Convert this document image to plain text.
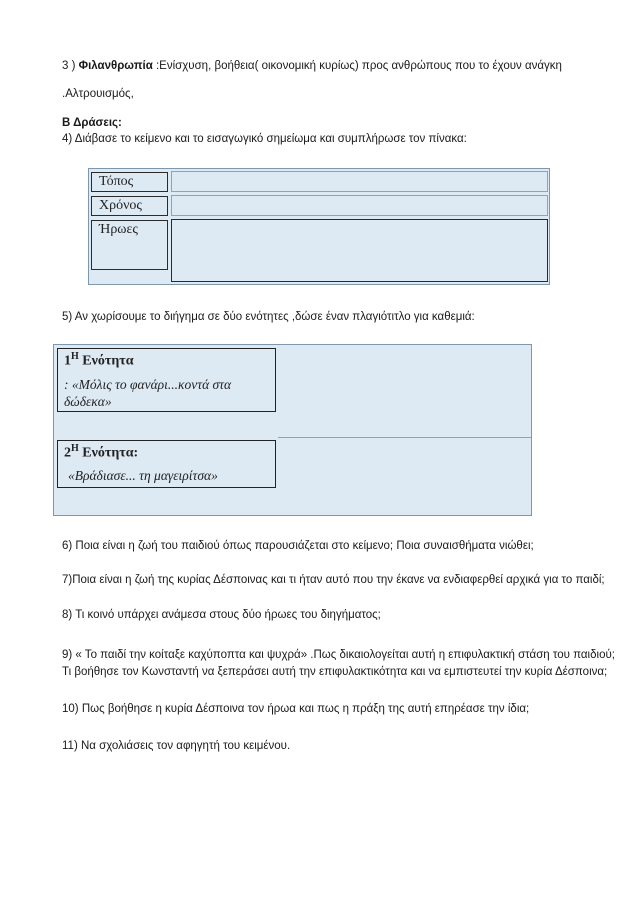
3 ) Φιλανθρωπία :Ενίσχυση, βοήθεια( οικονομική κυρίως) προς ανθρώπους που το έχουν ανάγκη
.Αλτρουισμός,
Β Δράσεις:
4) Διάβασε το κείμενο και το εισαγωγικό σημείωμα και συμπλήρωσε τον πίνακα:
Τόπος
Χρόνος
Ήρωες
5) Αν χωρίσουμε το διήγημα σε δύο ενότητες ,δώσε έναν πλαγιότιτλο για καθεμιά:
$1^H$ Ενότητα
: «Μόλις το φανάρι...κοντά στα
δώδεκα»
$2^H$ Ενότητα:
«Βράδιασε... τη μαγειρίτσα»
6) Ποια είναι η ζωή του παιδιού όπως παρουσιάζεται στο κείμενο; Ποια συναισθήματα νιώθει;
7)Ποια είναι η ζωή της κυρίας Δέσποινας και τι ήταν αυτό που την έκανε να ενδιαφερθεί αρχικά για το παιδί;
8) Τι κοινό υπάρχει ανάμεσα στους δύο ήρωες του διηγήματος;
9) « Το παιδί την κοίταξε καχύποπτα και ψυχρά» .Πως δικαιολογείται αυτή η επιφυλακτική στάση του παιδιού;
Τι βοήθησε τον Κωνσταντή να ξεπεράσει αυτή την επιφυλακτικότητα και να εμπιστευτεί την κυρία Δέσποινα;
10) Πως βοήθησε η κυρία Δέσποινα τον ήρωα και πως η πράξη της αυτή επηρέασε την ίδια;
11) Να σχολιάσεις τον αφηγητή του κειμένου.
